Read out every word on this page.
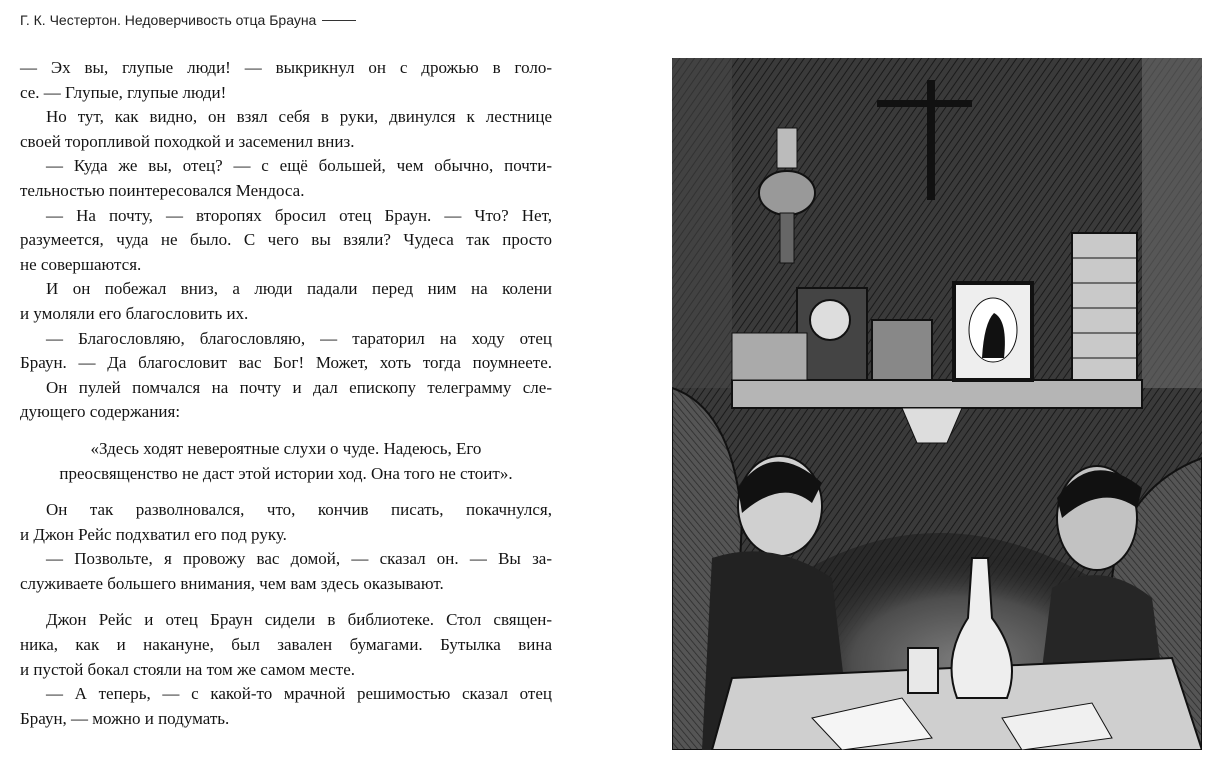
Г. К. Честертон. Недоверчивость отца Брауна
— Эх вы, глупые люди! — выкрикнул он с дрожью в голо-
се. — Глупые, глупые люди!
Но тут, как видно, он взял себя в руки, двинулся к лестнице
своей торопливой походкой и засеменил вниз.
— Куда же вы, отец? — с ещё большей, чем обычно, почти-
тельностью поинтересовался Мендоса.
— На почту, — второпях бросил отец Браун. — Что? Нет,
разумеется, чуда не было. С чего вы взяли? Чудеса так просто
не совершаются.
И он побежал вниз, а люди падали перед ним на колени
и умоляли его благословить их.
— Благословляю, благословляю, — тараторил на ходу отец
Браун. — Да благословит вас Бог! Может, хоть тогда поумнеете.
Он пулей помчался на почту и дал епископу телеграмму сле-
дующего содержания:
«Здесь ходят невероятные слухи о чуде. Надеюсь, Его
преосвященство не даст этой истории ход. Она того не стоит».
Он так разволновался, что, кончив писать, покачнулся,
и Джон Рейс подхватил его под руку.
— Позвольте, я провожу вас домой, — сказал он. — Вы за-
служиваете большего внимания, чем вам здесь оказывают.
Джон Рейс и отец Браун сидели в библиотеке. Стол священ-
ника, как и накануне, был завален бумагами. Бутылка вина
и пустой бокал стояли на том же самом месте.
— А теперь, — с какой-то мрачной решимостью сказал отец
Браун, — можно и подумать.
